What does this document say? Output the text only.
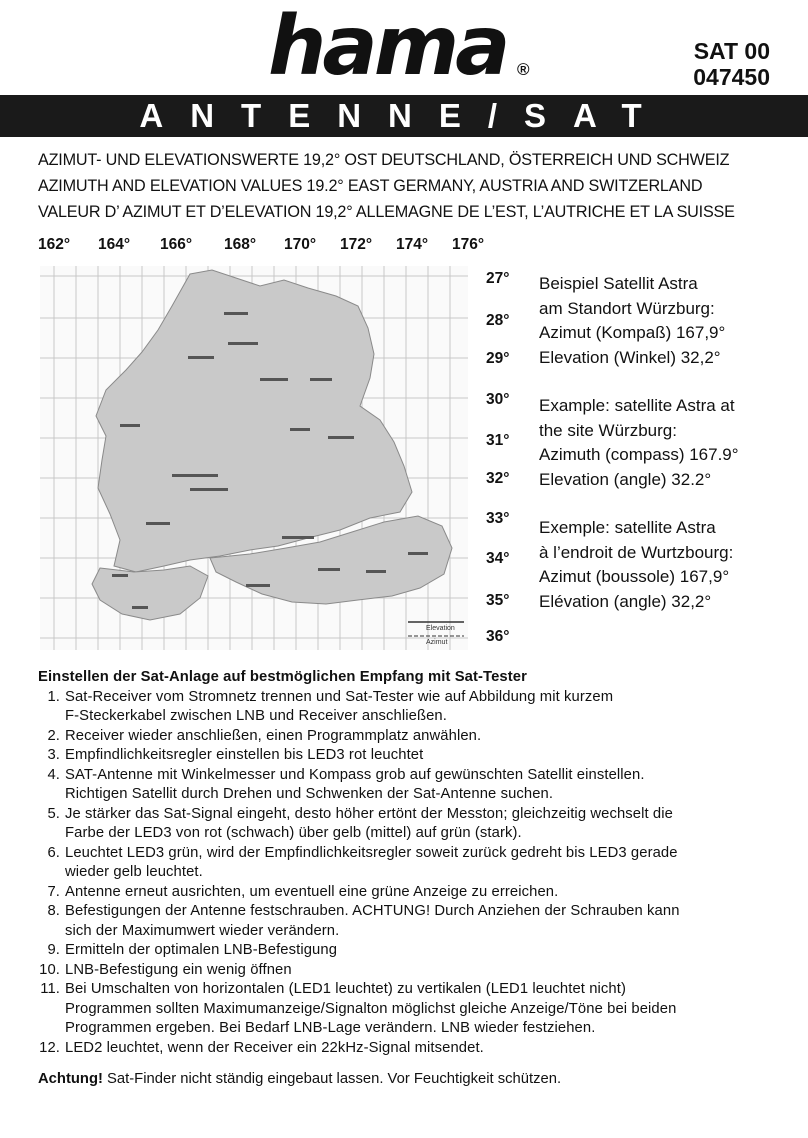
hama ®
SAT 00
047450
ANTENNE/SAT
AZIMUT- UND ELEVATIONSWERTE 19,2° OST DEUTSCHLAND, ÖSTERREICH UND SCHWEIZ
AZIMUTH AND ELEVATION VALUES 19.2° EAST GERMANY, AUSTRIA AND SWITZERLAND
VALEUR D’ AZIMUT ET D’ELEVATION 19,2° ALLEMAGNE DE L’EST, L’AUTRICHE ET LA SUISSE
162° 164° 166° 168° 170° 172° 174° 176°
Elevation
Azimut
27°
28°
29°
30°
31°
32°
33°
34°
35°
36°
Beispiel Satellit Astra
am Standort Würzburg:
Azimut (Kompaß) 167,9°
Elevation (Winkel) 32,2°
Example: satellite Astra at
the site Würzburg:
Azimuth (compass) 167.9°
Elevation (angle) 32.2°
Exemple: satellite Astra
à l’endroit de Wurtzbourg:
Azimut (boussole) 167,9°
Elévation (angle) 32,2°
Einstellen der Sat-Anlage auf bestmöglichen Empfang mit Sat-Tester
1. Sat-Receiver vom Stromnetz trennen und Sat-Tester wie auf Abbildung mit kurzem
F-Steckerkabel zwischen LNB und Receiver anschließen.
2. Receiver wieder anschließen, einen Programmplatz anwählen.
3. Empfindlichkeitsregler einstellen bis LED3 rot leuchtet
4. SAT-Antenne mit Winkelmesser und Kompass grob auf gewünschten Satellit einstellen.
Richtigen Satellit durch Drehen und Schwenken der Sat-Antenne suchen.
5. Je stärker das Sat-Signal eingeht, desto höher ertönt der Messton; gleichzeitig wechselt die
Farbe der LED3 von rot (schwach) über gelb (mittel) auf grün (stark).
6. Leuchtet LED3 grün, wird der Empfindlichkeitsregler soweit zurück gedreht bis LED3 gerade
wieder gelb leuchtet.
7. Antenne erneut ausrichten, um eventuell eine grüne Anzeige zu erreichen.
8. Befestigungen der Antenne festschrauben. ACHTUNG! Durch Anziehen der Schrauben kann
sich der Maximumwert wieder verändern.
9. Ermitteln der optimalen LNB-Befestigung
10. LNB-Befestigung ein wenig öffnen
11. Bei Umschalten von horizontalen (LED1 leuchtet) zu vertikalen (LED1 leuchtet nicht)
Programmen sollten Maximumanzeige/Signalton möglichst gleiche Anzeige/Töne bei beiden
Programmen ergeben. Bei Bedarf LNB-Lage verändern. LNB wieder festziehen.
12. LED2 leuchtet, wenn der Receiver ein 22kHz-Signal mitsendet.
Achtung! Sat-Finder nicht ständig eingebaut lassen. Vor Feuchtigkeit schützen.
